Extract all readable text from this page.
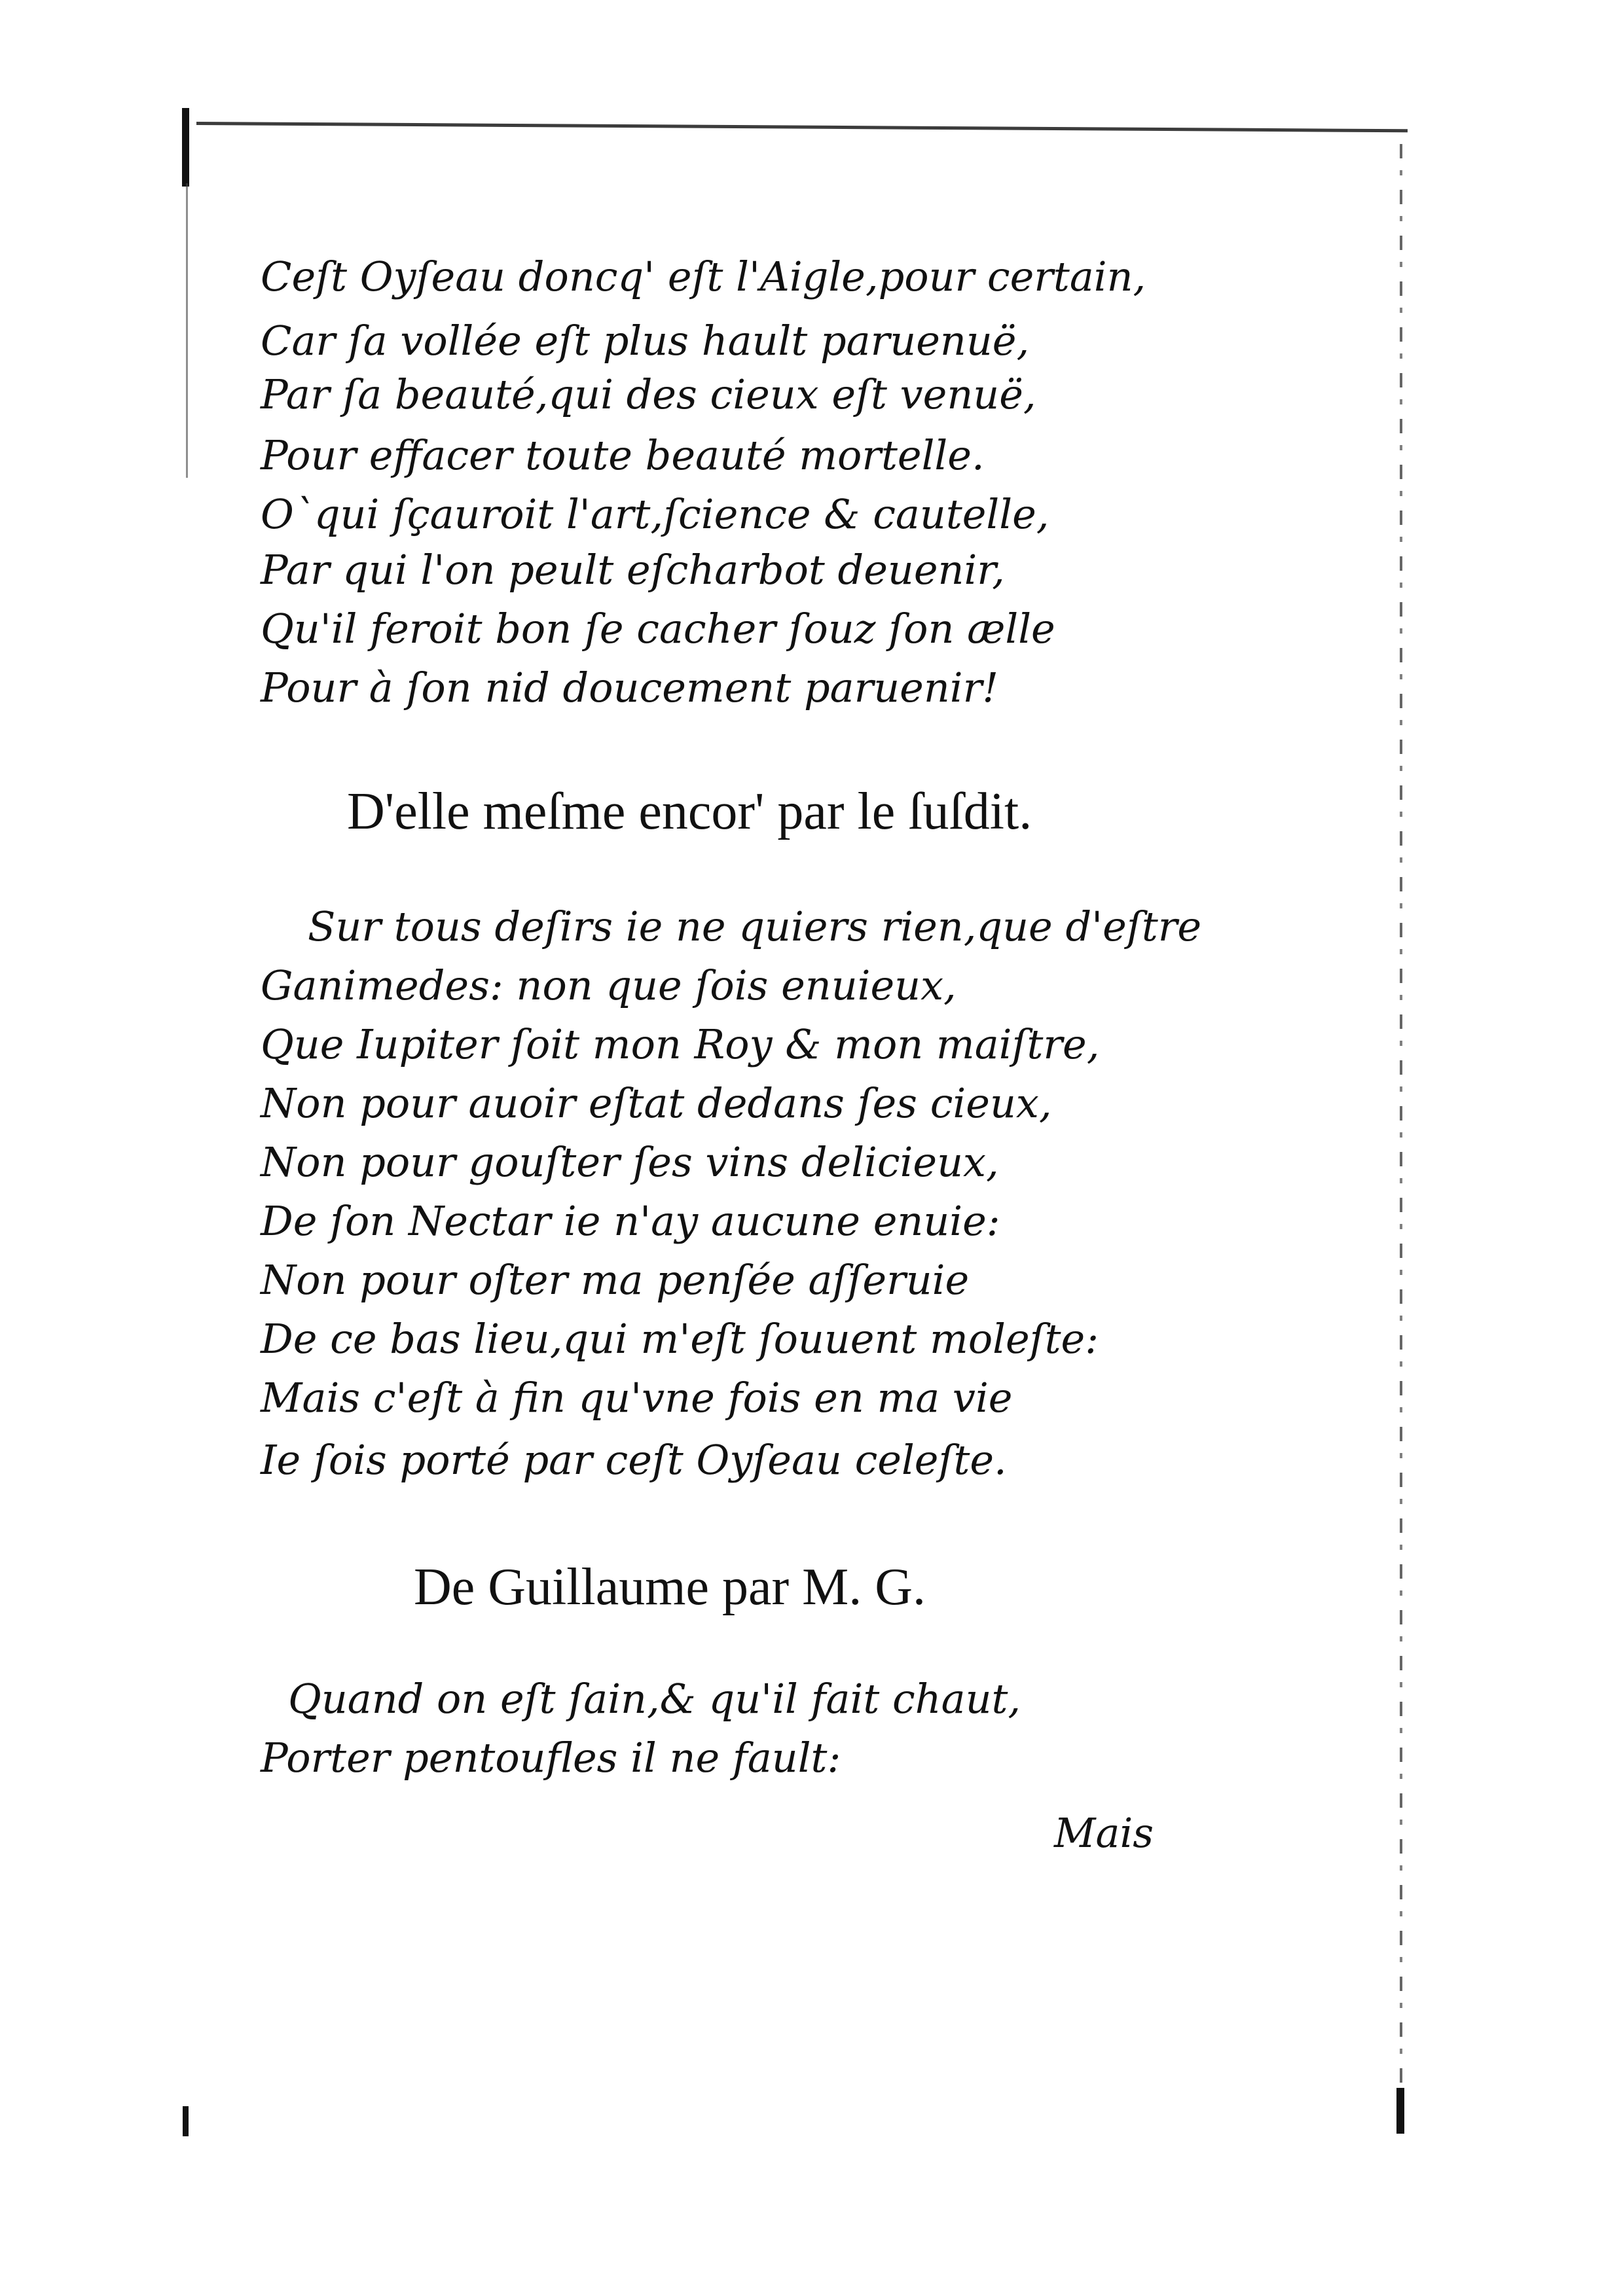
Ceſt Oyſeau doncq' eſt l'Aigle,pour certain,

Car ſa vollée eſt plus hault paruenuë,

Par ſa beauté,qui des cieux eſt venuë,

Pour effacer toute beauté mortelle.

O`qui ſçauroit l'art,ſcience & cautelle,

Par qui l'on peult eſcharbot deuenir,

Qu'il feroit bon ſe cacher ſouz ſon ælle

Pour à ſon nid doucement paruenir!

D'elle meſme encor' par le ſuſdit.

Sur tous deſirs ie ne quiers rien,que d'eſtre

Ganimedes: non que ſois enuieux,

Que Iupiter ſoit mon Roy & mon maiſtre,

Non pour auoir eſtat dedans ſes cieux,

Non pour gouſter ſes vins delicieux,

De ſon Nectar ie n'ay aucune enuie:

Non pour oſter ma penſée aſſeruie

De ce bas lieu,qui m'eſt ſouuent moleſte:

Mais c'eſt à fin qu'vne fois en ma vie

Ie ſois porté par ceſt Oyſeau celeſte.

De Guillaume par M. G.

Quand on eſt ſain,& qu'il fait chaut,

Porter pentoufles il ne fault:

Mais
